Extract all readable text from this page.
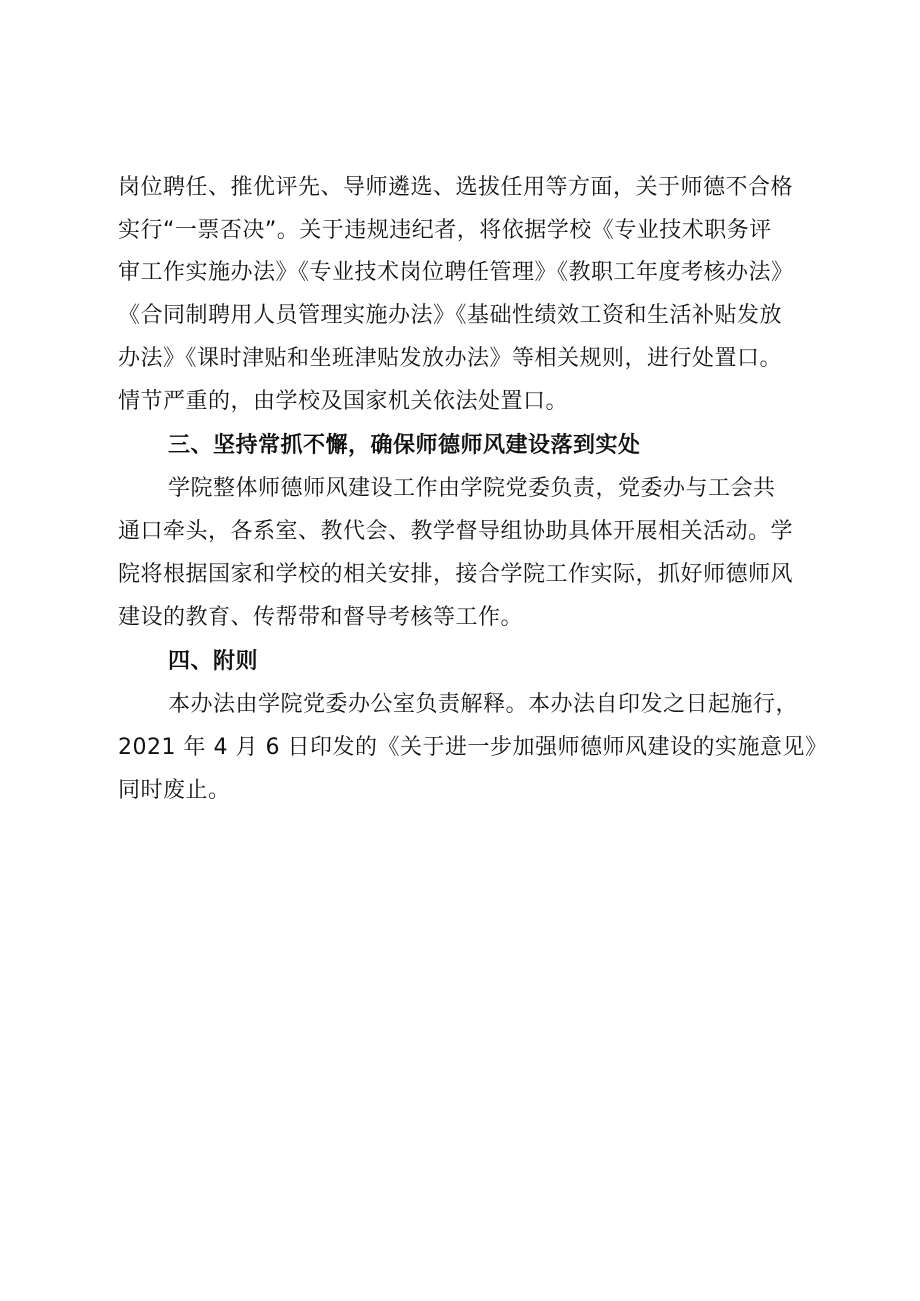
岗位聘任、推优评先、导师遴选、选拔任用等方面，关于师德不合格
实行“一票否决”。关于违规违纪者，将依据学校《专业技术职务评
审工作实施办法》《专业技术岗位聘任管理》《教职工年度考核办法》
《合同制聘用人员管理实施办法》《基础性绩效工资和生活补贴发放
办法》《课时津贴和坐班津贴发放办法》等相关规则，进行处置口。
情节严重的，由学校及国家机关依法处置口。
三、坚持常抓不懈，确保师德师风建设落到实处
学院整体师德师风建设工作由学院党委负责，党委办与工会共
通口牵头，各系室、教代会、教学督导组协助具体开展相关活动。学
院将根据国家和学校的相关安排，接合学院工作实际，抓好师德师风
建设的教育、传帮带和督导考核等工作。
四、附则
本办法由学院党委办公室负责解释。本办法自印发之日起施行，
2021 年 4 月 6 日印发的《关于进一步加强师德师风建设的实施意见》
同时废止。
